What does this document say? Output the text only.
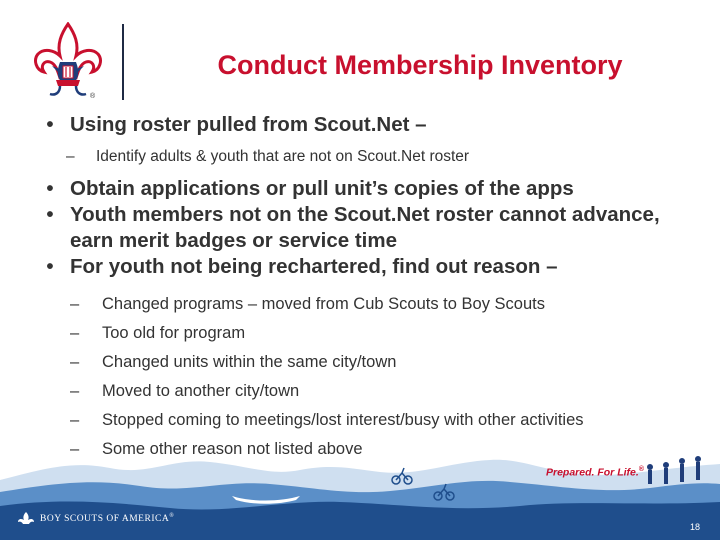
®
Conduct Membership Inventory
• Using roster pulled from Scout.Net –
– Identify adults & youth that are not on Scout.Net roster
• Obtain applications or pull unit’s copies of the apps
• Youth members not on the Scout.Net roster cannot advance, earn merit badges or service time
• For youth not being rechartered, find out reason –
– Changed programs – moved from Cub Scouts to Boy Scouts
– Too old for program
– Changed units within the same city/town
– Moved to another city/town
– Stopped coming to meetings/lost interest/busy with other activities
– Some other reason not listed above
Prepared. For Life.®
BOY SCOUTS OF AMERICA®
18
